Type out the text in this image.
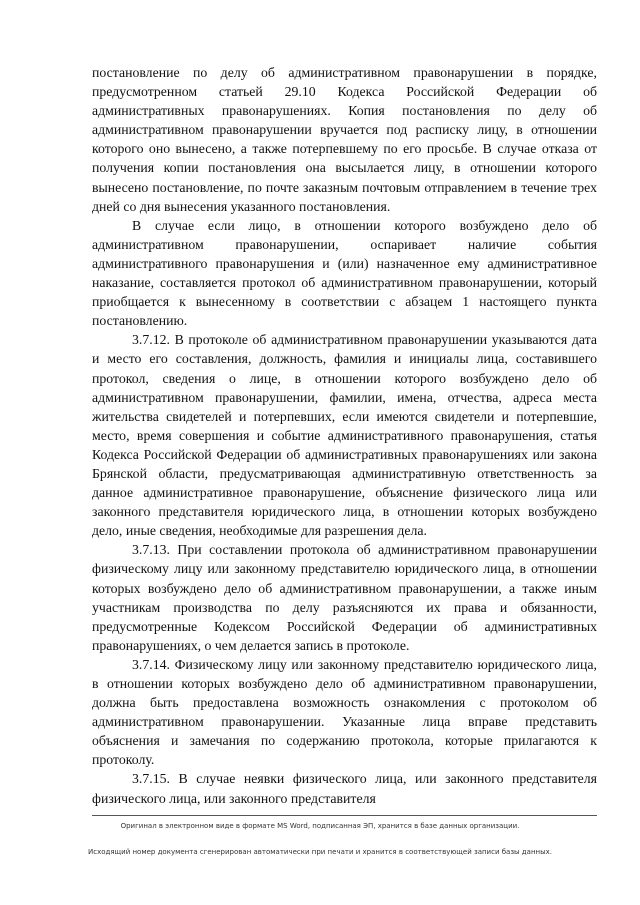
постановление по делу об административном правонарушении в порядке, предусмотренном статьей 29.10 Кодекса Российской Федерации об административных правонарушениях. Копия постановления по делу об административном правонарушении вручается под расписку лицу, в отношении которого оно вынесено, а также потерпевшему по его просьбе. В случае отказа от получения копии постановления она высылается лицу, в отношении которого вынесено постановление, по почте заказным почтовым отправлением в течение трех дней со дня вынесения указанного постановления.

В случае если лицо, в отношении которого возбуждено дело об административном правонарушении, оспаривает наличие события административного правонарушения и (или) назначенное ему административное наказание, составляется протокол об административном правонарушении, который приобщается к вынесенному в соответствии с абзацем 1 настоящего пункта постановлению.

3.7.12. В протоколе об административном правонарушении указываются дата и место его составления, должность, фамилия и инициалы лица, составившего протокол, сведения о лице, в отношении которого возбуждено дело об административном правонарушении, фамилии, имена, отчества, адреса места жительства свидетелей и потерпевших, если имеются свидетели и потерпевшие, место, время совершения и событие административного правонарушения, статья Кодекса Российской Федерации об административных правонарушениях или закона Брянской области, предусматривающая административную ответственность за данное административное правонарушение, объяснение физического лица или законного представителя юридического лица, в отношении которых возбуждено дело, иные сведения, необходимые для разрешения дела.

3.7.13. При составлении протокола об административном правонарушении физическому лицу или законному представителю юридического лица, в отношении которых возбуждено дело об административном правонарушении, а также иным участникам производства по делу разъясняются их права и обязанности, предусмотренные Кодексом Российской Федерации об административных правонарушениях, о чем делается запись в протоколе.

3.7.14. Физическому лицу или законному представителю юридического лица, в отношении которых возбуждено дело об административном правонарушении, должна быть предоставлена возможность ознакомления с протоколом об административном правонарушении. Указанные лица вправе представить объяснения и замечания по содержанию протокола, которые прилагаются к протоколу.

3.7.15. В случае неявки физического лица, или законного представителя физического лица, или законного представителя

Оригинал в электронном виде в формате MS Word, подписанная ЭП, хранится в базе данных организации.
Исходящий номер документа сгенерирован автоматически при печати и хранится в соответствующей записи базы данных.
